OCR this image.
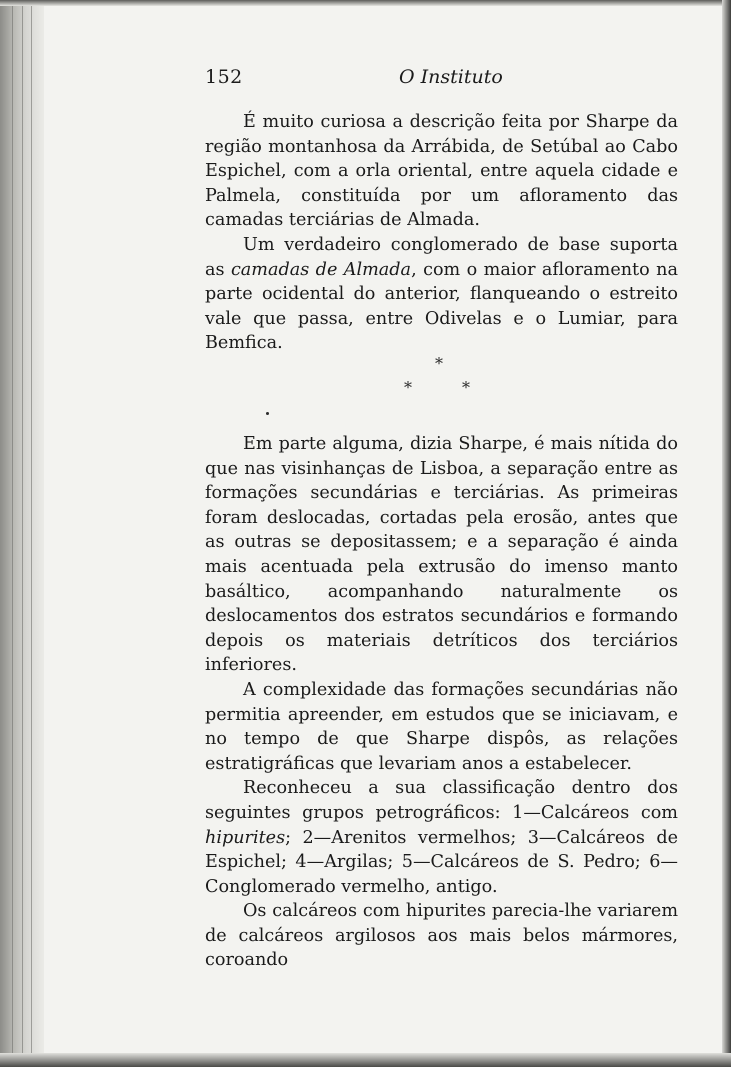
152	O Instituto

É muito curiosa a descrição feita por Sharpe da região montanhosa da Arrábida, de Setúbal ao Cabo Espichel, com a orla oriental, entre aquela cidade e Palmela, constituída por um afloramento das camadas terciárias de Almada.

Um verdadeiro conglomerado de base suporta as camadas de Almada, com o maior afloramento na parte ocidental do anterior, flanqueando o estreito vale que passa, entre Odivelas e o Lumiar, para Bemfica.

*
*	*

Em parte alguma, dizia Sharpe, é mais nítida do que nas visinhanças de Lisboa, a separação entre as formações secundárias e terciárias. As primeiras foram deslocadas, cortadas pela erosão, antes que as outras se depositassem; e a separação é ainda mais acentuada pela extrusão do imenso manto basáltico, acompanhando naturalmente os deslocamentos dos estratos secundários e formando depois os materiais detríticos dos terciários inferiores.

A complexidade das formações secundárias não permitia apreender, em estudos que se iniciavam, e no tempo de que Sharpe dispôs, as relações estratigráficas que levariam anos a estabelecer.

Reconheceu a sua classificação dentro dos seguintes grupos petrográficos: 1—Calcáreos com hipurites; 2—Arenitos vermelhos; 3—Calcáreos de Espichel; 4—Argilas; 5—Calcáreos de S. Pedro; 6—Conglomerado vermelho, antigo.

Os calcáreos com hipurites parecia-lhe variarem de calcáreos argilosos aos mais belos mármores, coroando
